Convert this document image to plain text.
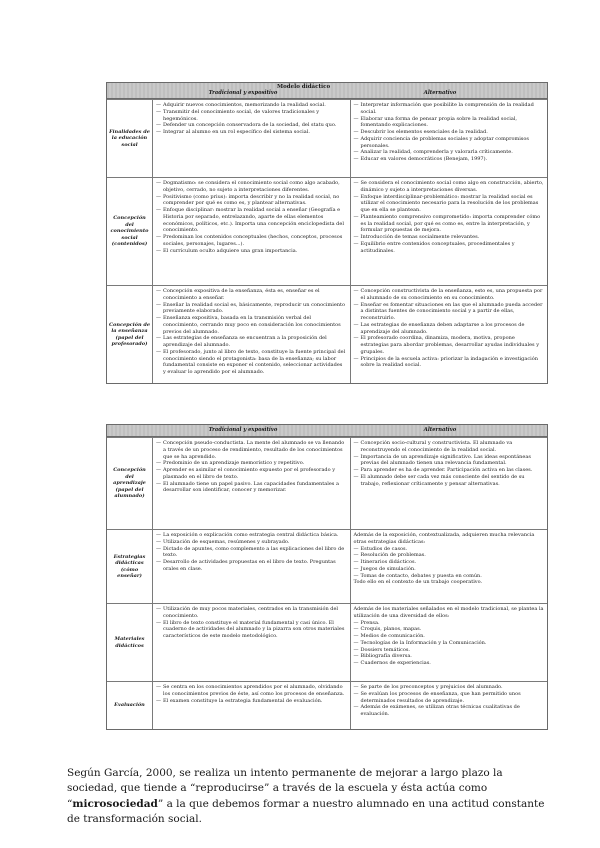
Modelo didáctico
Tradicional y expositivo	Alternativo
Finalidades de la educación social
— Adquirir nuevos conocimientos, memorizando la realidad social.
— Transmitir del conocimiento social, de valores tradicionales y hegemónicos.
— Defender un concepción conservadora de la sociedad, del statu quo.
— Integrar al alumno en un rol específico del sistema social.
— Interpretar información que posibilite la comprensión de la realidad social.
— Elaborar una forma de pensar propia sobre la realidad social, fomentando explicaciones.
— Descubrir los elementos esenciales de la realidad.
— Adquirir conciencia de problemas sociales y adoptar compromisos personales.
— Analizar la realidad, comprenderla y valorarla críticamente.
— Educar en valores democráticos (Benejam, 1997).
Concepción del conocimiento social (contenidos)
— Dogmatismo: se considera el conocimiento social como algo acabado, objetivo, cerrado, no sujeto a interpretaciones diferentes.
— Positivismo (como prius): importa describir y no la realidad social, no comprender por qué es como es, y plantear alternativas.
— Enfoque disciplinar: mostrar la realidad social a enseñar (Geografía e Historia por separado, entrelazando, aparte de ellas elementos económicos, políticos, etc.). Importa una concepción enciclopedista del conocimiento.
— Predominan los contenidos conceptuales (hechos, conceptos, procesos sociales, personajes, lugares...).
— El currículum oculto adquiere una gran importancia.
— Se considera el conocimiento social como algo en construcción, abierto, dinámico y sujeto a interpretaciones diversas.
— Enfoque interdisciplinar-problemático: mostrar la realidad social es utilizar el conocimiento necesario para la resolución de los problemas que en ella se plantean.
— Planteamiento comprensivo comprometido: importa comprender cómo es la realidad social, por qué es como es, entre la interpretación, y formular propuestas de mejora.
— Introducción de temas socialmente relevantes.
— Equilibrio entre contenidos conceptuales, procedimentales y actitudinales.
Concepción de la enseñanza (papel del profesorado)
— Concepción expositiva de la enseñanza, ésta es, enseñar es el conocimiento a enseñar.
— Enseñar la realidad social es, básicamente, reproducir un conocimiento previamente elaborado.
— Enseñanza expositiva, basada en la transmisión verbal del conocimiento, cerrando muy poco en consideración los conocimientos previos del alumnado.
— Las estrategias de enseñanza se encuentran a la proposición del aprendizaje del alumnado.
— El profesorado, junto al libro de texto, constituye la fuente principal del conocimiento siendo el protagonista: basa de la enseñanza; su labor fundamental consiste en exponer el contenido, seleccionar actividades y evaluar lo aprendido por el alumnado.
— Concepción constructivista de la enseñanza, esto es, una propuesta por el alumnado de su conocimiento en su conocimiento.
— Enseñar es fomentar situaciones en las que el alumnado pueda acceder a distintas fuentes de conocimiento social y a partir de ellas, reconstruirlo.
— Las estrategias de enseñanza deben adaptarse a los procesos de aprendizaje del alumnado.
— El profesorado coordina, dinamiza, modera, motiva, propone estrategias para abordar problemas, desarrollar ayudas individuales y grupales.
— Principios de la escuela activa: priorizar la indagación e investigación sobre la realidad social.
Tradicional y expositivo	Alternativo
Concepción del aprendizaje (papel del alumnado)
— Concepción pseudo-conductista. La mente del alumnado se va llenando a través de un proceso de rendimiento, resultado de los conocimientos que se ha aprendido.
— Predominio de un aprendizaje memorístico y repetitivo.
— Aprender es asimilar el conocimiento expuesto por el profesorado y plasmado en el libro de texto.
— El alumnado tiene un papel pasivo. Las capacidades fundamentales a desarrollar son identificar, conocer y memorizar.
— Concepción socio-cultural y constructivista. El alumnado va reconstruyendo el conocimiento de la realidad social.
— Importancia de un aprendizaje significativo. Las ideas espontáneas previas del alumnado tienen una relevancia fundamental.
— Para aprender es ha de aprender. Participación activa en las clases.
— El alumnado debe ser cada vez más consciente del sentido de su trabajo, reflexionar críticamente y pensar alternativas.
Estrategias didácticas (cómo enseñar)
— La exposición o explicación como estrategia central didáctica básica.
— Utilización de esquemas, resúmenes y subrayado.
— Dictado de apuntes, como complemento a las explicaciones del libro de texto.
— Desarrollo de actividades propuestas en el libro de texto. Preguntas orales en clase.
Además de la exposición, contextualizada, adquieren mucha relevancia otras estrategias didácticas:
— Estudios de casos.
— Resolución de problemas.
— Itinerarios didácticos.
— Juegos de simulación.
— Tomas de contacto, debates y puesta en común.
Todo ello en el contexto de un trabajo cooperativo.
Materiales didácticos
— Utilización de muy pocos materiales, centrados en la transmisión del conocimiento.
— El libro de texto constituye el material fundamental y casi único. El cuaderno de actividades del alumnado y la pizarra son otros materiales característicos de este modelo metodológico.
Además de los materiales señalados en el modelo tradicional, se plantea la utilización de una diversidad de ellos:
— Prensa.
— Croquis, planos, mapas.
— Medios de comunicación.
— Tecnologías de la Información y la Comunicación.
— Dossiers temáticos.
— Bibliografía diversa.
— Cuadernos de experiencias.
Evaluación
— Se centra en los conocimientos aprendidos por el alumnado, olvidando los conocimientos previos de éste, así como los procesos de enseñanza.
— El examen constituye la estrategia fundamental de evaluación.
— Se parte de los preconceptos y prejuicios del alumnado.
— Se evalúan los procesos de enseñanza, que han permitido unos determinados resultados de aprendizaje.
— Además de exámenes, se utilizan otras técnicas cualitativas de evaluación.

Según García, 2000, se realiza un intento permanente de mejorar a largo plazo la sociedad, que tiende a “reproducirse” a través de la escuela y ésta actúa como “microsociedad” a la que debemos formar a nuestro alumnado en una actitud constante de transformación social.
